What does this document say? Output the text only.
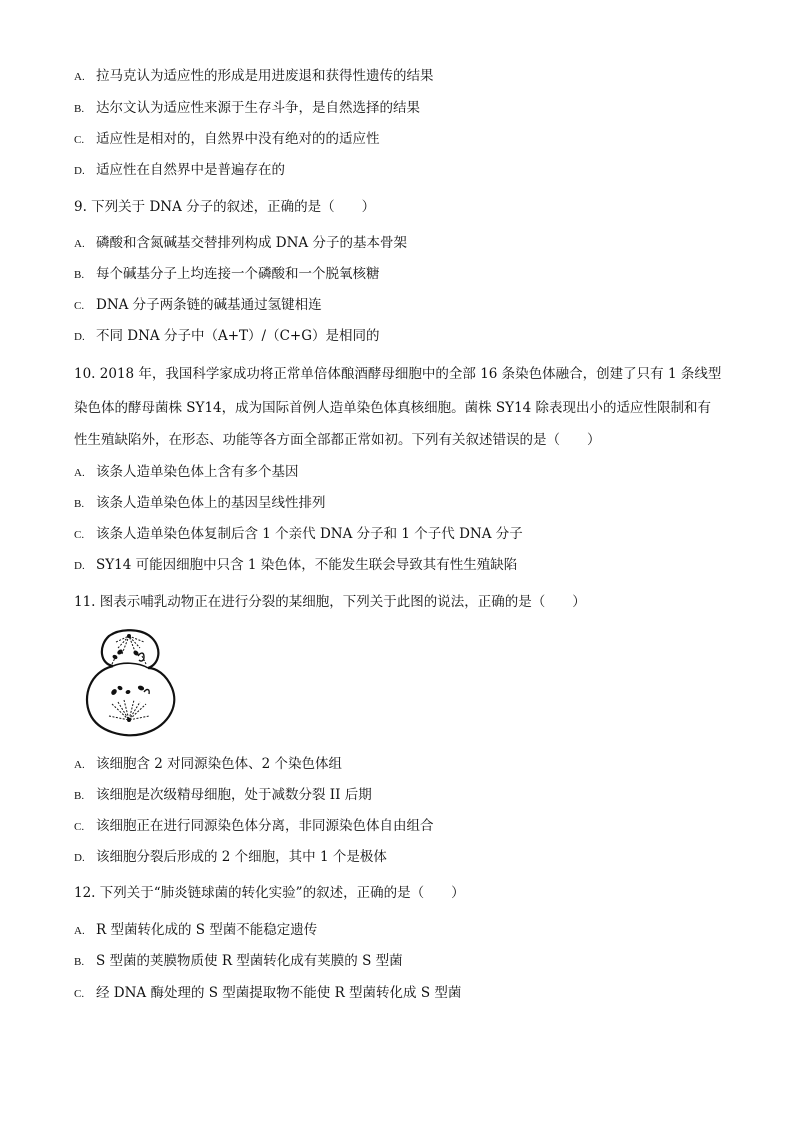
A. 拉马克认为适应性的形成是用进废退和获得性遗传的结果
B. 达尔文认为适应性来源于生存斗争，是自然选择的结果
C. 适应性是相对的，自然界中没有绝对的的适应性
D. 适应性在自然界中是普遍存在的
9. 下列关于 DNA 分子的叙述，正确的是（　　）
A. 磷酸和含氮碱基交替排列构成 DNA 分子的基本骨架
B. 每个碱基分子上均连接一个磷酸和一个脱氧核糖
C. DNA 分子两条链的碱基通过氢键相连
D. 不同 DNA 分子中（A+T）/（C+G）是相同的
10. 2018 年，我国科学家成功将正常单倍体酿酒酵母细胞中的全部 16 条染色体融合，创建了只有 1 条线型
染色体的酵母菌株 SY14，成为国际首例人造单染色体真核细胞。菌株 SY14 除表现出小的适应性限制和有
性生殖缺陷外，在形态、功能等各方面全部都正常如初。下列有关叙述错误的是（　　）
A. 该条人造单染色体上含有多个基因
B. 该条人造单染色体上的基因呈线性排列
C. 该条人造单染色体复制后含 1 个亲代 DNA 分子和 1 个子代 DNA 分子
D. SY14 可能因细胞中只含 1 染色体，不能发生联会导致其有性生殖缺陷
11. 图表示哺乳动物正在进行分裂的某细胞，下列关于此图的说法，正确的是（　　）
A. 该细胞含 2 对同源染色体、2 个染色体组
B. 该细胞是次级精母细胞，处于减数分裂 II 后期
C. 该细胞正在进行同源染色体分离，非同源染色体自由组合
D. 该细胞分裂后形成的 2 个细胞，其中 1 个是极体
12. 下列关于“肺炎链球菌的转化实验”的叙述，正确的是（　　）
A. R 型菌转化成的 S 型菌不能稳定遗传
B. S 型菌的荚膜物质使 R 型菌转化成有荚膜的 S 型菌
C. 经 DNA 酶处理的 S 型菌提取物不能使 R 型菌转化成 S 型菌
